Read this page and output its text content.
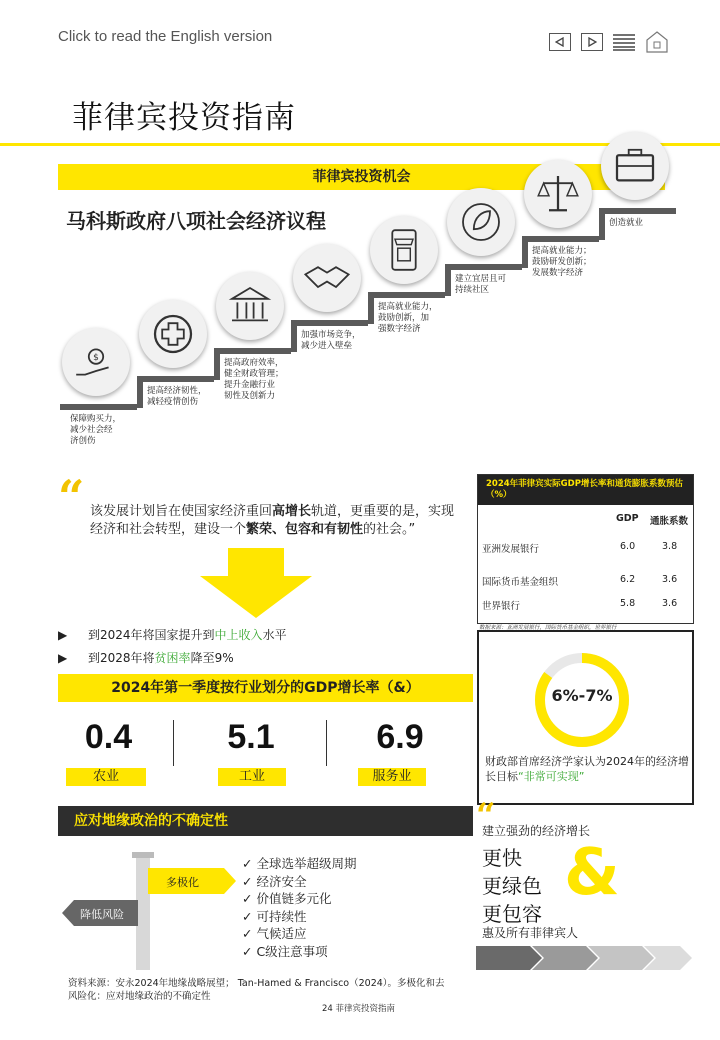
Click to read the English version
菲律宾投资指南
菲律宾投资机会
马科斯政府八项社会经济议程
$
保障购买力，
减少社会经
济创伤
提高经济韧性，
减轻疫情创伤
提高政府效率，
健全财政管理；
提升金融行业
韧性及创新力
加强市场竞争，
减少进入壁垒
提高就业能力，
鼓励创新，加
强数字经济
建立宜居且可
持续社区
提高就业能力；
鼓励研发创新；
发展数字经济
创造就业
“ 该发展计划旨在使国家经济重回高增长轨道，更重要的是，实现经济和社会转型，建设一个繁荣、包容和有韧性的社会。”
▶ 到2024年将国家提升到中上收入水平
▶ 到2028年将贫困率降至9%
2024年第一季度按行业划分的GDP增长率（&）
0.4
农业
5.1
工业
6.9
服务业
2024年菲律宾实际GDP增长率和通货膨胀系数预估（%）
GDP 通胀系数
亚洲发展银行	6.0	3.8
国际货币基金组织	6.2	3.6
世界银行	5.8	3.6
数据来源：亚洲发展银行，国际货币基金组织，世界银行
6%-7%
财政部首席经济学家认为2024年的经济增长目标“非常可实现”
应对地缘政治的不确定性
多极化
降低风险
✓ 全球选举超级周期
✓ 经济安全
✓ 价值链多元化
✓ 可持续性
✓ 气候适应
✓ C级注意事项
资料来源：安永2024年地缘战略展望； Tan-Hamed & Francisco（2024）。多极化和去风险化：应对地缘政治的不确定性
“
建立强劲的经济增长
更快
更绿色
更包容
&
惠及所有菲律宾人
24 菲律宾投资指南
